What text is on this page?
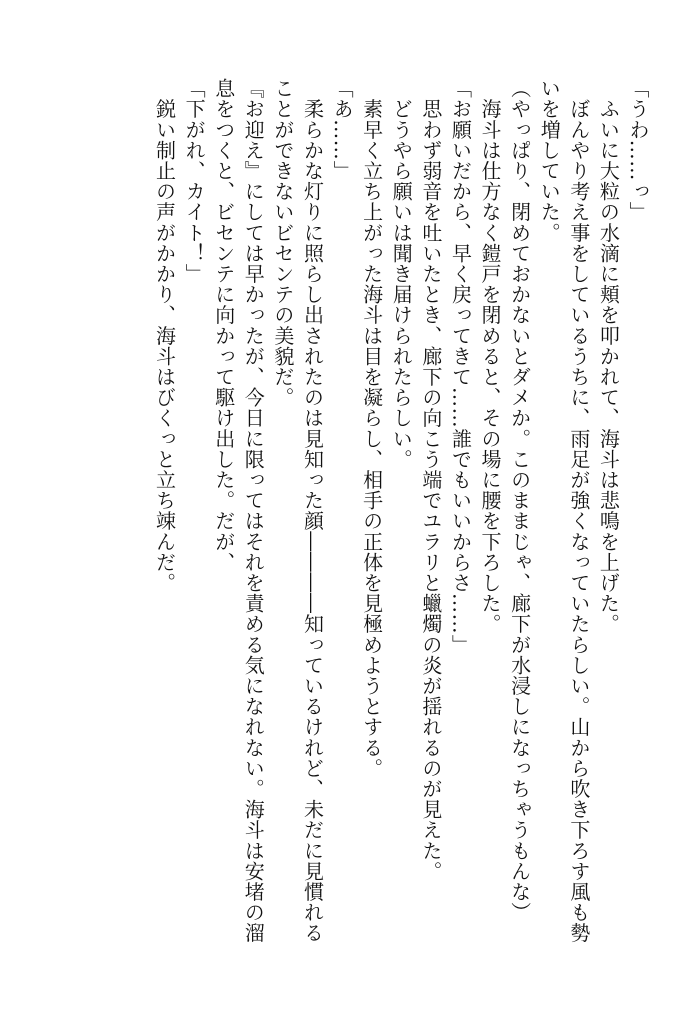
「うわ……っ」
　ふいに大粒の水滴に頬を叩かれて、海斗は悲鳴を上げた。
　ぼんやり考え事をしているうちに、雨足が強くなっていたらしい。山から吹き下ろす風も勢
いを増していた。
（やっぱり、閉めておかないとダメか。このままじゃ、廊下が水浸しになっちゃうもんな）
　海斗は仕方なく鎧戸を閉めると、その場に腰を下ろした。
「お願いだから、早く戻ってきて……誰でもいいからさ……」
　思わず弱音を吐いたとき、廊下の向こう端でユラリと蠟燭の炎が揺れるのが見えた。
　どうやら願いは聞き届けられたらしい。
　素早く立ち上がった海斗は目を凝らし、相手の正体を見極めようとする。
「あ……」
　柔らかな灯りに照らし出されたのは見知った顔――――知っているけれど、未だに見慣れる
ことができないビセンテの美貌だ。
『お迎え』にしては早かったが、今日に限ってはそれを責める気になれない。海斗は安堵の溜
息をつくと、ビセンテに向かって駆け出した。だが、
「下がれ、カイト！」
　鋭い制止の声がかかり、海斗はびくっと立ち竦んだ。
